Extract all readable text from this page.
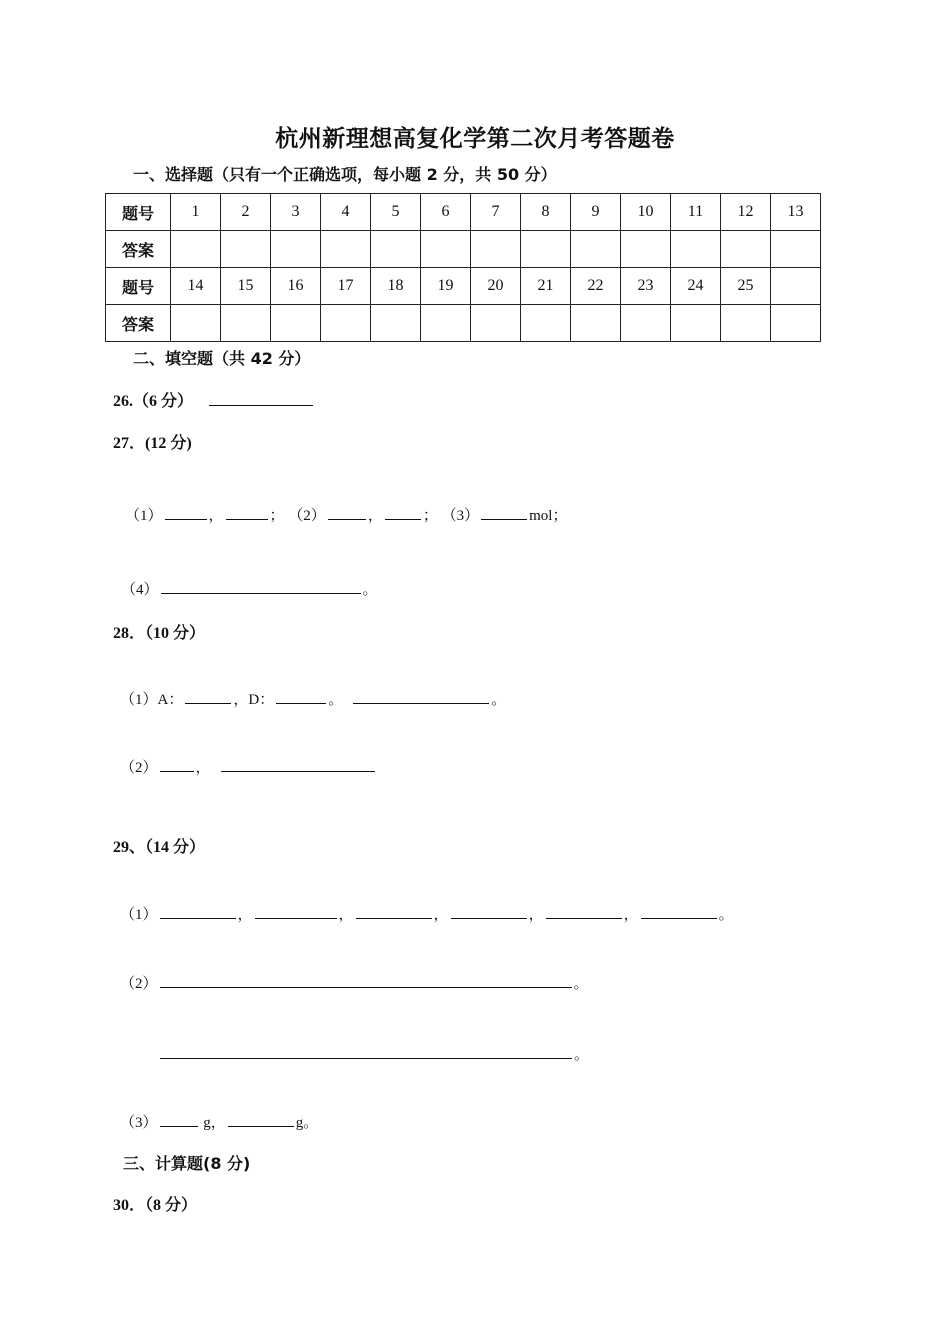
杭州新理想高复化学第二次月考答题卷
一、选择题（只有一个正确选项，每小题 2 分，共 50 分）
题号	1	2	3	4	5	6	7	8	9	10	11	12	13
答案													
题号	14	15	16	17	18	19	20	21	22	23	24	25	
答案													
二、填空题（共 42 分）
26.（6 分）
27．(12 分)
（1）	，	； （2）	，	； （3）	mol；
（4）	。
28．（10 分）
（1）A：	，D：	。	。
（2）	，
29、（14 分）
（1）	，	，	，	，	，	。
（2）	。
。
（3）	g，	g。
三、计算题(8 分)
30．（8 分）
